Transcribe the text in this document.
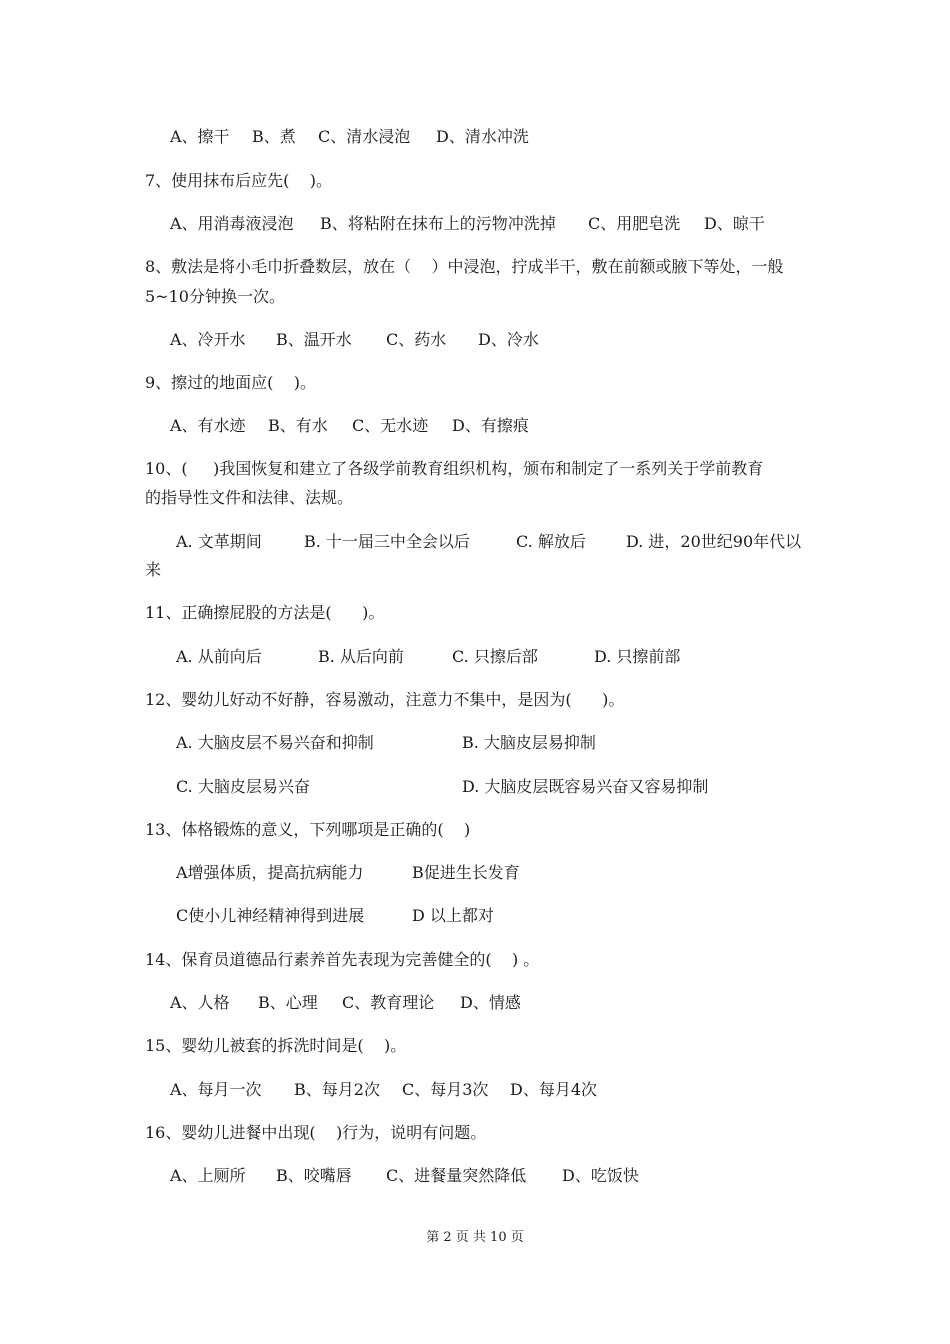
A、擦干 B、煮 C、清水浸泡 D、清水冲洗
7、使用抹布后应先(    )。
A、用消毒液浸泡 B、将粘附在抹布上的污物冲洗掉 C、用肥皂洗 D、晾干
8、敷法是将小毛巾折叠数层，放在（    ）中浸泡，拧成半干，敷在前额或腋下等处，一般
5~10分钟换一次。
A、冷开水 B、温开水 C、药水 D、冷水
9、擦过的地面应(    )。
A、有水迹 B、有水 C、无水迹 D、有擦痕
10、(     )我国恢复和建立了各级学前教育组织机构，颁布和制定了一系列关于学前教育
的指导性文件和法律、法规。
A. 文革期间	B. 十一届三中全会以后	C. 解放后	D. 进，20世纪90年代以
来
11、正确擦屁股的方法是(      )。
A. 从前向后	B. 从后向前	C. 只擦后部	D. 只擦前部
12、婴幼儿好动不好静，容易激动，注意力不集中，是因为(      )。
A. 大脑皮层不易兴奋和抑制	B. 大脑皮层易抑制
C. 大脑皮层易兴奋	D. 大脑皮层既容易兴奋又容易抑制
13、体格锻炼的意义，下列哪项是正确的(    )
A增强体质，提高抗病能力	B促进生长发育
C使小儿神经精神得到进展	D 以上都对
14、保育员道德品行素养首先表现为完善健全的(    ) 。
A、人格 B、心理 C、教育理论 D、情感
15、婴幼儿被套的拆洗时间是(    )。
A、每月一次 B、每月2次 C、每月3次 D、每月4次
16、婴幼儿进餐中出现(    )行为，说明有问题。
A、上厕所 B、咬嘴唇 C、进餐量突然降低 D、吃饭快
第 2 页 共 10 页
